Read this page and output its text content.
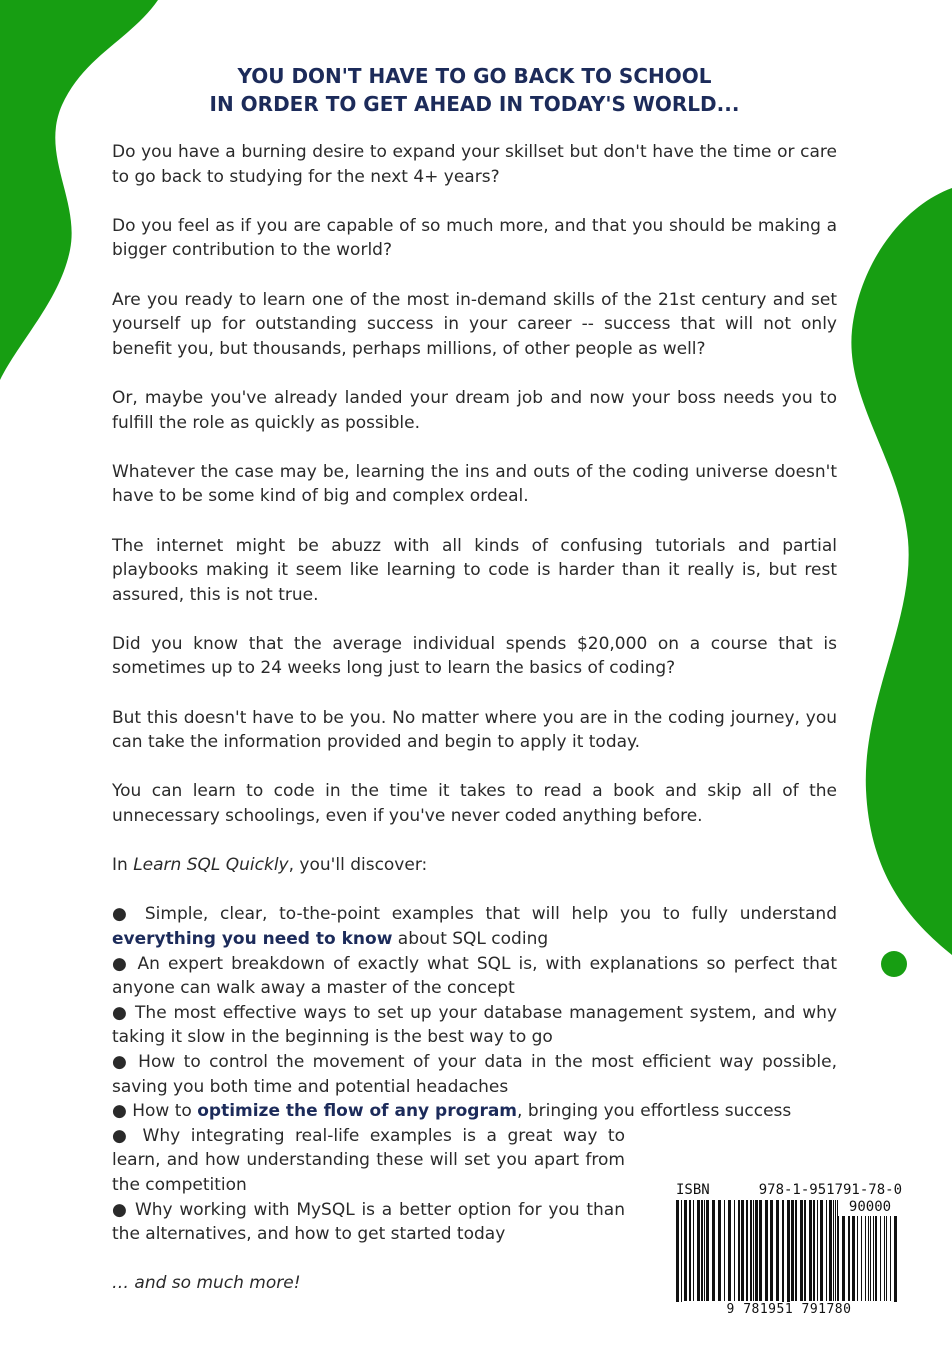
YOU DON'T HAVE TO GO BACK TO SCHOOL
IN ORDER TO GET AHEAD IN TODAY'S WORLD...

Do you have a burning desire to expand your skillset but don't have the time or care to go back to studying for the next 4+ years?

Do you feel as if you are capable of so much more, and that you should be making a bigger contribution to the world?

Are you ready to learn one of the most in-demand skills of the 21st century and set yourself up for outstanding success in your career -- success that will not only benefit you, but thousands, perhaps millions, of other people as well?

Or, maybe you've already landed your dream job and now your boss needs you to fulfill the role as quickly as possible.

Whatever the case may be, learning the ins and outs of the coding universe doesn't have to be some kind of big and complex ordeal.

The internet might be abuzz with all kinds of confusing tutorials and partial playbooks making it seem like learning to code is harder than it really is, but rest assured, this is not true.

Did you know that the average individual spends $20,000 on a course that is sometimes up to 24 weeks long just to learn the basics of coding?

But this doesn't have to be you. No matter where you are in the coding journey, you can take the information provided and begin to apply it today.

You can learn to code in the time it takes to read a book and skip all of the unnecessary schoolings, even if you've never coded anything before.

In Learn SQL Quickly, you'll discover:

● Simple, clear, to-the-point examples that will help you to fully understand everything you need to know about SQL coding
● An expert breakdown of exactly what SQL is, with explanations so perfect that anyone can walk away a master of the concept
● The most effective ways to set up your database management system, and why taking it slow in the beginning is the best way to go
● How to control the movement of your data in the most efficient way possible, saving you both time and potential headaches
● How to optimize the flow of any program, bringing you effortless success
● Why integrating real-life examples is a great way to learn, and how understanding these will set you apart from the competition
● Why working with MySQL is a better option for you than the alternatives, and how to get started today
… and so much more!
ISBN 978-1-951791-78-0
90000
9 781951 791780
